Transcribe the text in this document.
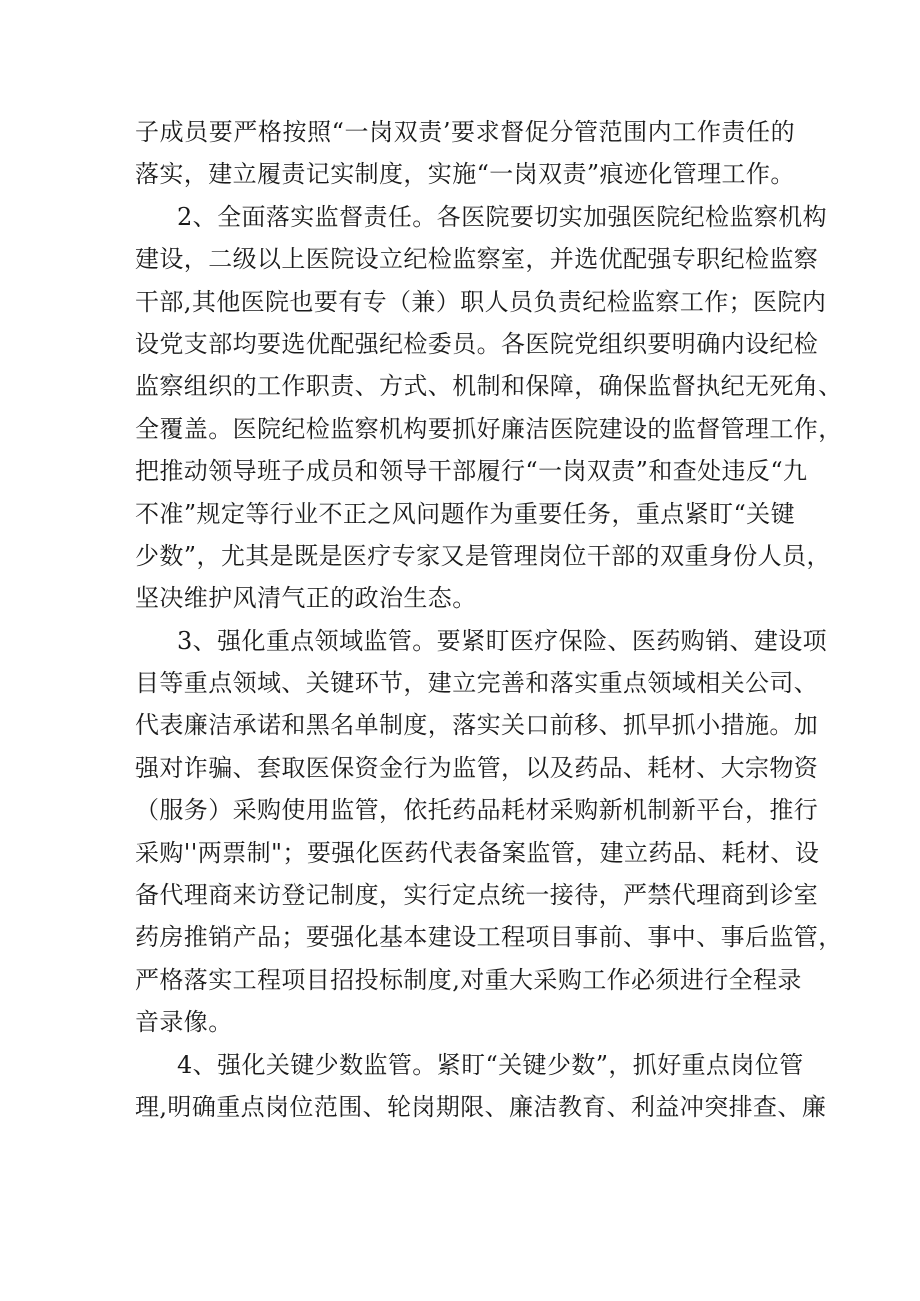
子成员要严格按照“一岗双责’要求督促分管范围内工作责任的
落实，建立履责记实制度，实施“一岗双责”痕迹化管理工作。
2、全面落实监督责任。各医院要切实加强医院纪检监察机构
建设，二级以上医院设立纪检监察室，并选优配强专职纪检监察
干部,其他医院也要有专（兼）职人员负责纪检监察工作；医院内
设党支部均要选优配强纪检委员。各医院党组织要明确内设纪检
监察组织的工作职责、方式、机制和保障，确保监督执纪无死角、
全覆盖。医院纪检监察机构要抓好廉洁医院建设的监督管理工作，
把推动领导班子成员和领导干部履行“一岗双责”和查处违反“九
不准”规定等行业不正之风问题作为重要任务，重点紧盯“关键
少数”，尤其是既是医疗专家又是管理岗位干部的双重身份人员，
坚决维护风清气正的政治生态。
3、强化重点领域监管。要紧盯医疗保险、医药购销、建设项
目等重点领域、关键环节，建立完善和落实重点领域相关公司、
代表廉洁承诺和黑名单制度，落实关口前移、抓早抓小措施。加
强对诈骗、套取医保资金行为监管，以及药品、耗材、大宗物资
（服务）采购使用监管，依托药品耗材采购新机制新平台，推行
采购''两票制"；要强化医药代表备案监管，建立药品、耗材、设
备代理商来访登记制度，实行定点统一接待，严禁代理商到诊室
药房推销产品；要强化基本建设工程项目事前、事中、事后监管，
严格落实工程项目招投标制度,对重大采购工作必须进行全程录
音录像。
4、强化关键少数监管。紧盯“关键少数”，抓好重点岗位管
理,明确重点岗位范围、轮岗期限、廉洁教育、利益冲突排查、廉
